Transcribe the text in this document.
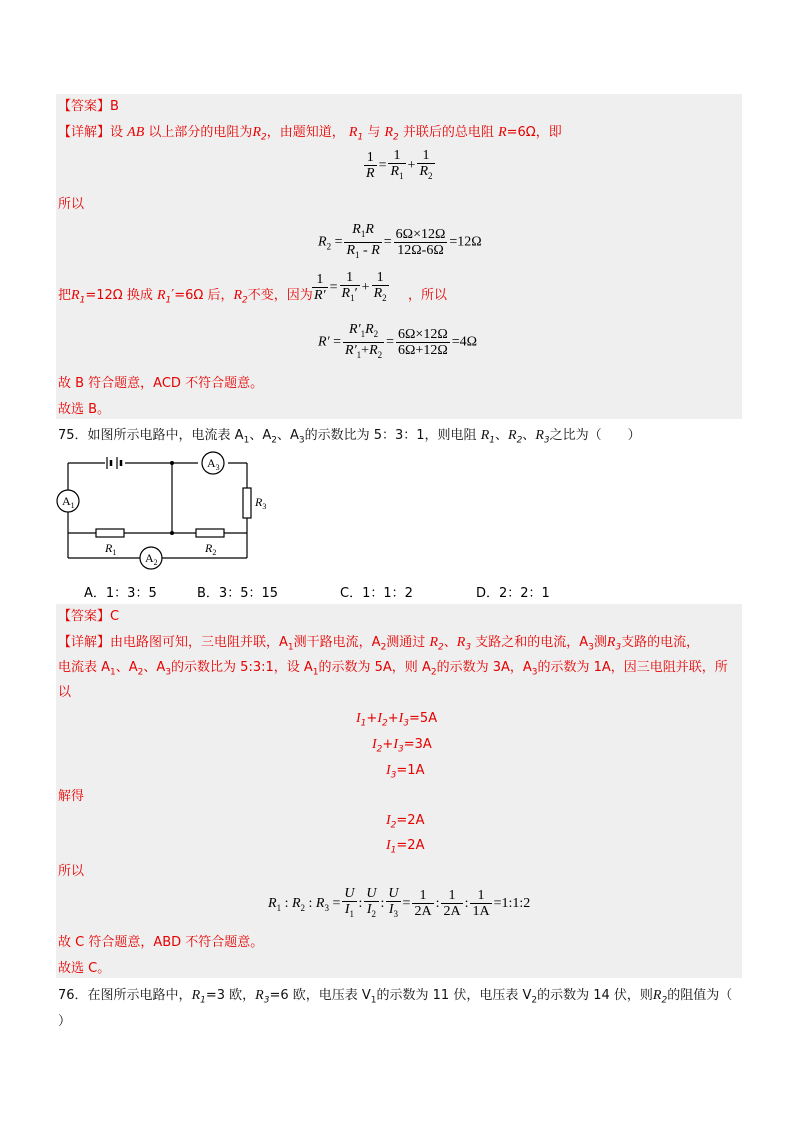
【答案】B
【详解】设 AB 以上部分的电阻为$R_2$，由题知道， $R_1$ 与 $R_2$ 并联后的总电阻 R=6Ω，即
$\frac{1}{R} = \frac{1}{R_1} + \frac{1}{R_2}$
所以
$R_2 = \frac{R_1R}{R_1 - R} = \frac{6\Omega\times 12\Omega}{12\Omega-6\Omega} =12\Omega$
把$R_1=12\Omega$ 换成 $R_1'=6\Omega$ 后，$R_2$不变，因为 $\frac{1}{R'} = \frac{1}{R_1'} + \frac{1}{R_2}$ ，所以
$R' = \frac{R'_1R_2}{R'_1+R_2} = \frac{6\Omega\times 12\Omega}{6\Omega+12\Omega} =4\Omega$
故 B 符合题意，ACD 不符合题意。
故选 B。
75．如图所示电路中，电流表 $A_1$、$A_2$、$A_3$的示数比为 5：3：1，则电阻 $R_1$、$R_2$、$R_3$之比为（　　）
$A_1$
$A_2$
$A_3$
$R_1$	$R_2$
$R_3$
A．1：3：5	B．3：5：15	C．1：1：2	D．2：2：1
【答案】C
【详解】由电路图可知，三电阻并联，$A_1$测干路电流，$A_2$测通过 $R_2$、$R_3$ 支路之和的电流，$A_3$测$R_3$支路的电流，
电流表 $A_1$、$A_2$、$A_3$的示数比为 5:3:1，设 $A_1$的示数为 5A，则 $A_2$的示数为 3A，$A_3$的示数为 1A，因三电阻并联，所
以
$I_1+I_2+I_3=5A$
$I_2+I_3=3A$
$I_3=1A$
解得
$I_2=2A$
$I_1=2A$
所以
$R_1$ : $R_2$ : $R_3 = \frac{U}{I_1}$ : $\frac{U}{I_2}$ : $\frac{U}{I_3} = \frac{1}{2A}$ : $\frac{1}{2A}$ : $\frac{1}{1A}$ =1:1:2
故 C 符合题意，ABD 不符合题意。
故选 C。
76．在图所示电路中，$R_1=3$ 欧，$R_3=6$ 欧，电压表 $V_1$的示数为 11 伏，电压表 $V_2$的示数为 14 伏，则$R_2$的阻值为（
）
